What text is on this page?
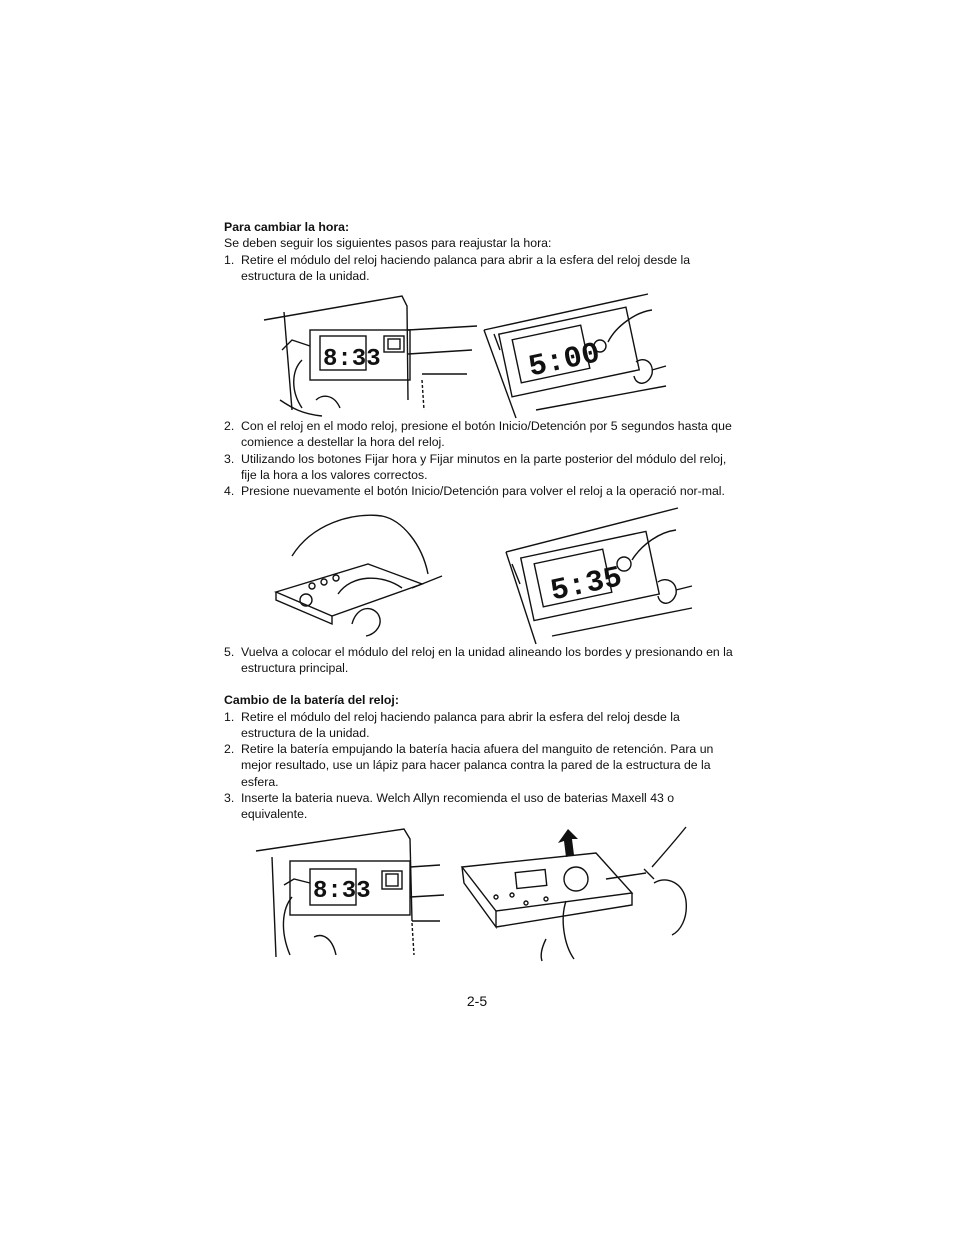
Para cambiar la hora:

Se deben seguir los siguientes pasos para reajustar la hora:

1. Retire el módulo del reloj haciendo palanca para abrir a la esfera del reloj desde la estructura de la unidad.
8:33	5:00
2. Con el reloj en el modo reloj, presione el botón Inicio/Detención por 5 segundos hasta que comience a destellar la hora del reloj.
3. Utilizando los botones Fijar hora y Fijar minutos en la parte posterior del módulo del reloj, fije la hora a los valores correctos.
4. Presione nuevamente el botón Inicio/Detención para volver el reloj a la operació nor-mal.
5:35
5. Vuelva a colocar el módulo del reloj en la unidad alineando los bordes y presionando en la estructura principal.
Cambio de la batería del reloj:
1. Retire el módulo del reloj haciendo palanca para abrir la esfera del reloj desde la estructura de la unidad.
2. Retire la batería empujando la batería hacia afuera del manguito de retención. Para un mejor resultado, use un lápiz para hacer palanca contra la pared de la estructura de la esfera.
3. Inserte la bateria nueva. Welch Allyn recomienda el uso de baterias Maxell 43 o equivalente.
8:33
2-5
